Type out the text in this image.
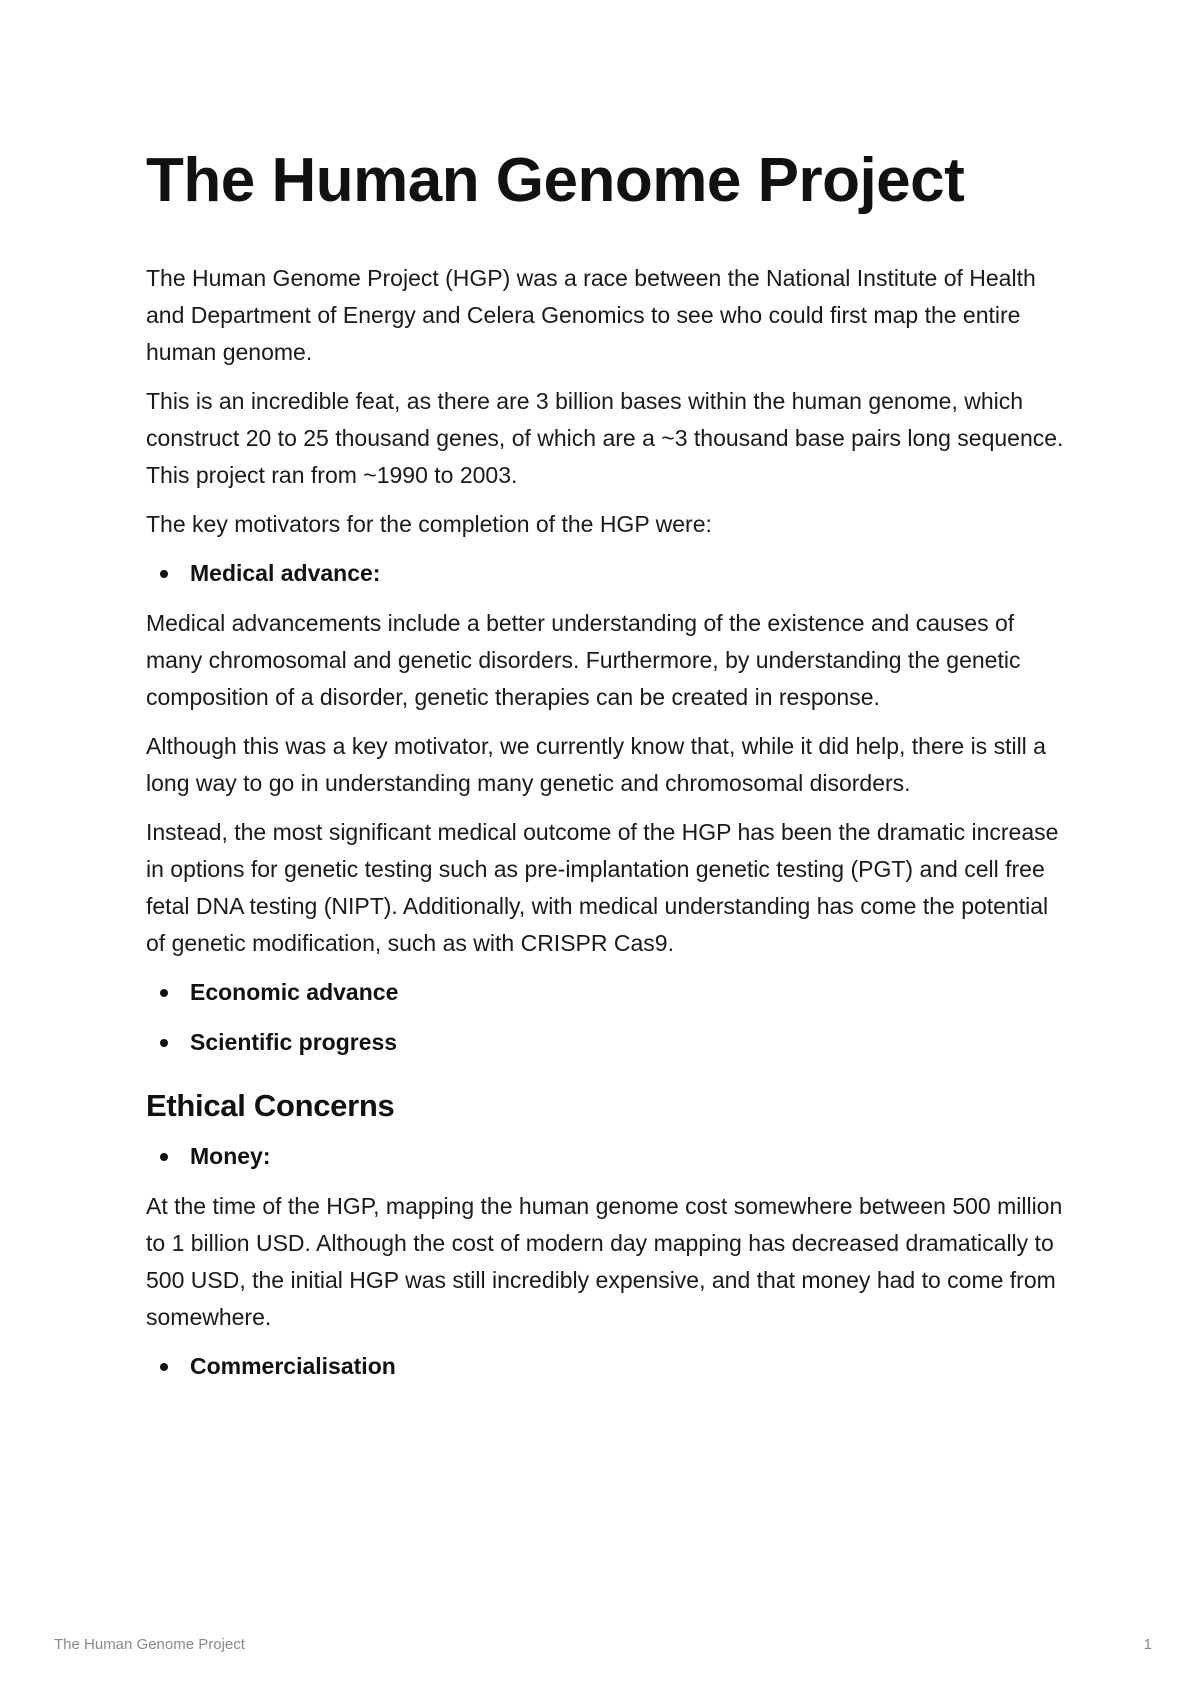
The Human Genome Project

The Human Genome Project (HGP) was a race between the National Institute of Health and Department of Energy and Celera Genomics to see who could first map the entire human genome.

This is an incredible feat, as there are 3 billion bases within the human genome, which construct 20 to 25 thousand genes, of which are a ~3 thousand base pairs long sequence. This project ran from ~1990 to 2003.

The key motivators for the completion of the HGP were:

Medical advance:

Medical advancements include a better understanding of the existence and causes of many chromosomal and genetic disorders. Furthermore, by understanding the genetic composition of a disorder, genetic therapies can be created in response.

Although this was a key motivator, we currently know that, while it did help, there is still a long way to go in understanding many genetic and chromosomal disorders.

Instead, the most significant medical outcome of the HGP has been the dramatic increase in options for genetic testing such as pre-implantation genetic testing (PGT) and cell free fetal DNA testing (NIPT). Additionally, with medical understanding has come the potential of genetic modification, such as with CRISPR Cas9.

Economic advance
Scientific progress
Ethical Concerns
Money:

At the time of the HGP, mapping the human genome cost somewhere between 500 million to 1 billion USD. Although the cost of modern day mapping has decreased dramatically to 500 USD, the initial HGP was still incredibly expensive, and that money had to come from somewhere.

Commercialisation
The Human Genome Project	1
